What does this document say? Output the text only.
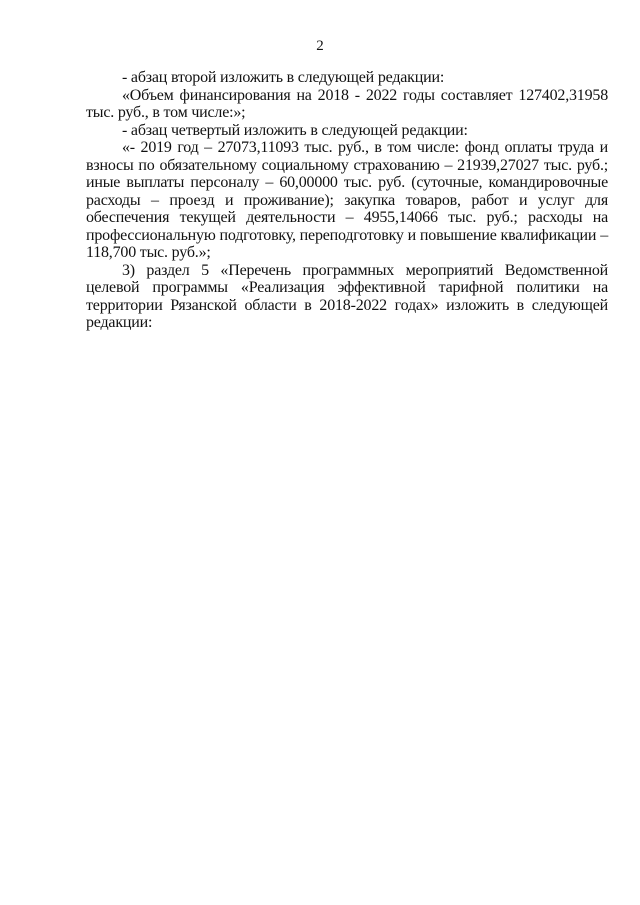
2
- абзац второй изложить в следующей редакции:
«Объем финансирования на 2018 - 2022 годы составляет 127402,31958
тыс. руб., в том числе:»;
- абзац четвертый изложить в следующей редакции:
«- 2019 год – 27073,11093 тыс. руб., в том числе: фонд оплаты труда и
взносы по обязательному социальному страхованию – 21939,27027 тыс. руб.;
иные выплаты персоналу – 60,00000 тыс. руб. (суточные, командировочные
расходы – проезд и проживание); закупка товаров, работ и услуг для
обеспечения текущей деятельности – 4955,14066 тыс. руб.; расходы на
профессиональную подготовку, переподготовку и повышение квалификации –
118,700 тыс. руб.»;
3) раздел 5 «Перечень программных мероприятий Ведомственной
целевой программы «Реализация эффективной тарифной политики на
территории Рязанской области в 2018-2022 годах» изложить в следующей
редакции:
